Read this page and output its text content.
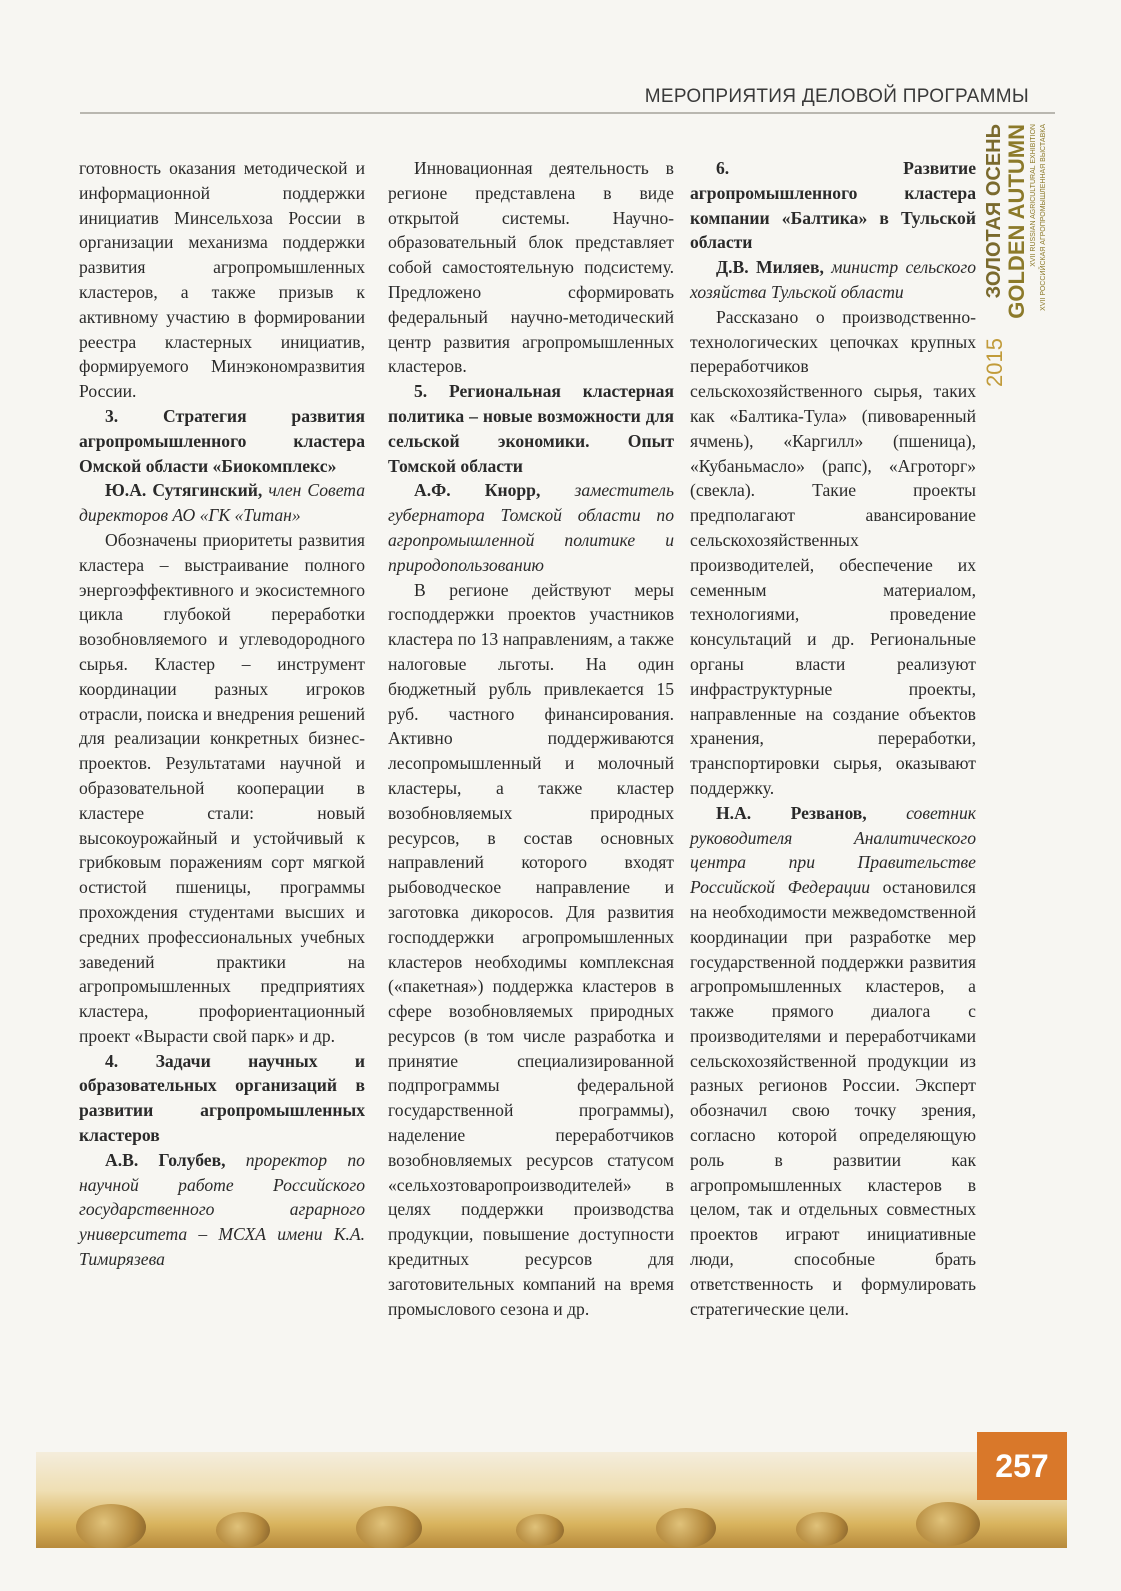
МЕРОПРИЯТИЯ ДЕЛОВОЙ ПРОГРАММЫ
ЗОЛОТАЯ ОСЕНЬ GOLDEN AUTUMN
2015
XVII RUSSIAN AGRICULTURAL EXHIBITION XVII РОССИЙСКАЯ АГРОПРОМЫШЛЕННАЯ ВЫСТАВКА

готовность оказания методической и информационной поддержки инициатив Минсельхоза России в организации механизма поддержки развития агропромышленных кластеров, а также призыв к активному участию в формировании реестра кластерных инициатив, формируемого Минэкономразвития России.

3.	Стратегия развития агропромышленного кластера Омской области «Биокомплекс»

Ю.А. Сутягинский, член Совета директоров АО «ГК «Титан»

Обозначены приоритеты развития кластера – выстраивание полного энергоэффективного и экосистемного цикла глубокой переработки возобновляемого и углеводородного сырья. Кластер – инструмент координации разных игроков отрасли, поиска и внедрения решений для реализации конкретных бизнес-проектов. Результатами научной и образовательной кооперации в кластере стали: новый высокоурожайный и устойчивый к грибковым поражениям сорт мягкой остистой пшеницы, программы прохождения студентами высших и средних профессиональных учебных заведений практики на агропромышленных предприятиях кластера, профориентационный проект «Вырасти свой парк» и др.

4. Задачи научных и образовательных организаций в развитии агропромышленных кластеров

А.В. Голубев, проректор по научной работе Российского государственного аграрного университета – МСХА имени К.А. Тимирязева

Инновационная деятельность в регионе представлена в виде открытой системы. Научно-образовательный блок представляет собой самостоятельную подсистему. Предложено сформировать федеральный научно-методический центр развития агропромышленных кластеров.

5. Региональная кластерная политика – новые возможности для сельской экономики. Опыт Томской области

А.Ф. Кнорр, заместитель губернатора Томской области по агропромышленной политике и природопользованию

В регионе действуют меры господдержки проектов участников кластера по 13 направлениям, а также налоговые льготы. На один бюджетный рубль привлекается 15 руб. частного финансирования. Активно поддерживаются лесопромышленный и молочный кластеры, а также кластер возобновляемых природных ресурсов, в состав основных направлений которого входят рыбоводческое направление и заготовка дикоросов. Для развития господдержки агропромышленных кластеров необходимы комплексная («пакетная») поддержка кластеров в сфере возобновляемых природных ресурсов (в том числе разработка и принятие специализированной подпрограммы федеральной государственной программы), наделение переработчиков возобновляемых ресурсов статусом «сельхозтоваропроизводителей» в целях поддержки производства продукции, повышение доступности кредитных ресурсов для заготовительных компаний на время промыслового сезона и др.

6.	Развитие агропромышленного кластера компании «Балтика» в Тульской области

Д.В. Миляев, министр сельского хозяйства Тульской области

Рассказано о производственно-технологических цепочках крупных переработчиков сельскохозяйственного сырья, таких как «Балтика-Тула» (пивоваренный ячмень), «Каргилл» (пшеница), «Кубаньмасло» (рапс), «Агроторг» (свекла). Такие проекты предполагают авансирование сельскохозяйственных производителей, обеспечение их семенным материалом, технологиями, проведение консультаций и др. Региональные органы власти реализуют инфраструктурные проекты, направленные на создание объектов хранения, переработки, транспортировки сырья, оказывают поддержку.

Н.А. Резванов, советник руководителя Аналитического центра при Правительстве Российской Федерации остановился на необходимости межведомственной координации при разработке мер государственной поддержки развития агропромышленных кластеров, а также прямого диалога с производителями и переработчиками сельскохозяйственной продукции из разных регионов России. Эксперт обозначил свою точку зрения, согласно которой определяющую роль в развитии как агропромышленных кластеров в целом, так и отдельных совместных проектов играют инициативные люди, способные брать ответственность и формулировать стратегические цели.

257
